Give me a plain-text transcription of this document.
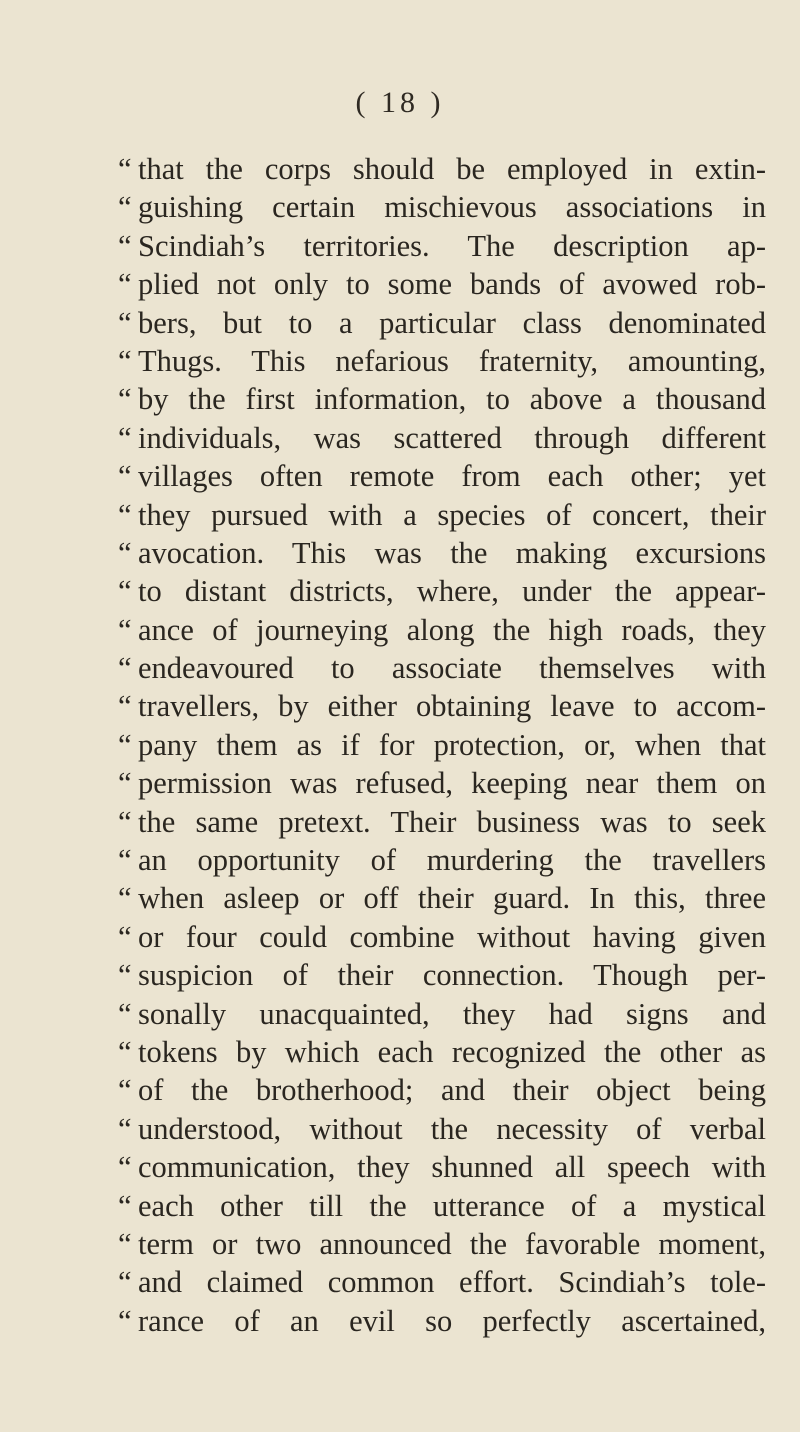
( 18 )
“ that the corps should be employed in extin-
“ guishing certain mischievous associations in
“ Scindiah’s territories. The description ap-
“ plied not only to some bands of avowed rob-
“ bers, but to a particular class denominated
“ Thugs. This nefarious fraternity, amounting,
“ by the first information, to above a thousand
“ individuals, was scattered through different
“ villages often remote from each other; yet
“ they pursued with a species of concert, their
“ avocation. This was the making excursions
“ to distant districts, where, under the appear-
“ ance of journeying along the high roads, they
“ endeavoured to associate themselves with
“ travellers, by either obtaining leave to accom-
“ pany them as if for protection, or, when that
“ permission was refused, keeping near them on
“ the same pretext. Their business was to seek
“ an opportunity of murdering the travellers
“ when asleep or off their guard. In this, three
“ or four could combine without having given
“ suspicion of their connection. Though per-
“ sonally unacquainted, they had signs and
“ tokens by which each recognized the other as
“ of the brotherhood; and their object being
“ understood, without the necessity of verbal
“ communication, they shunned all speech with
“ each other till the utterance of a mystical
“ term or two announced the favorable moment,
“ and claimed common effort. Scindiah’s tole-
“ rance of an evil so perfectly ascertained,
